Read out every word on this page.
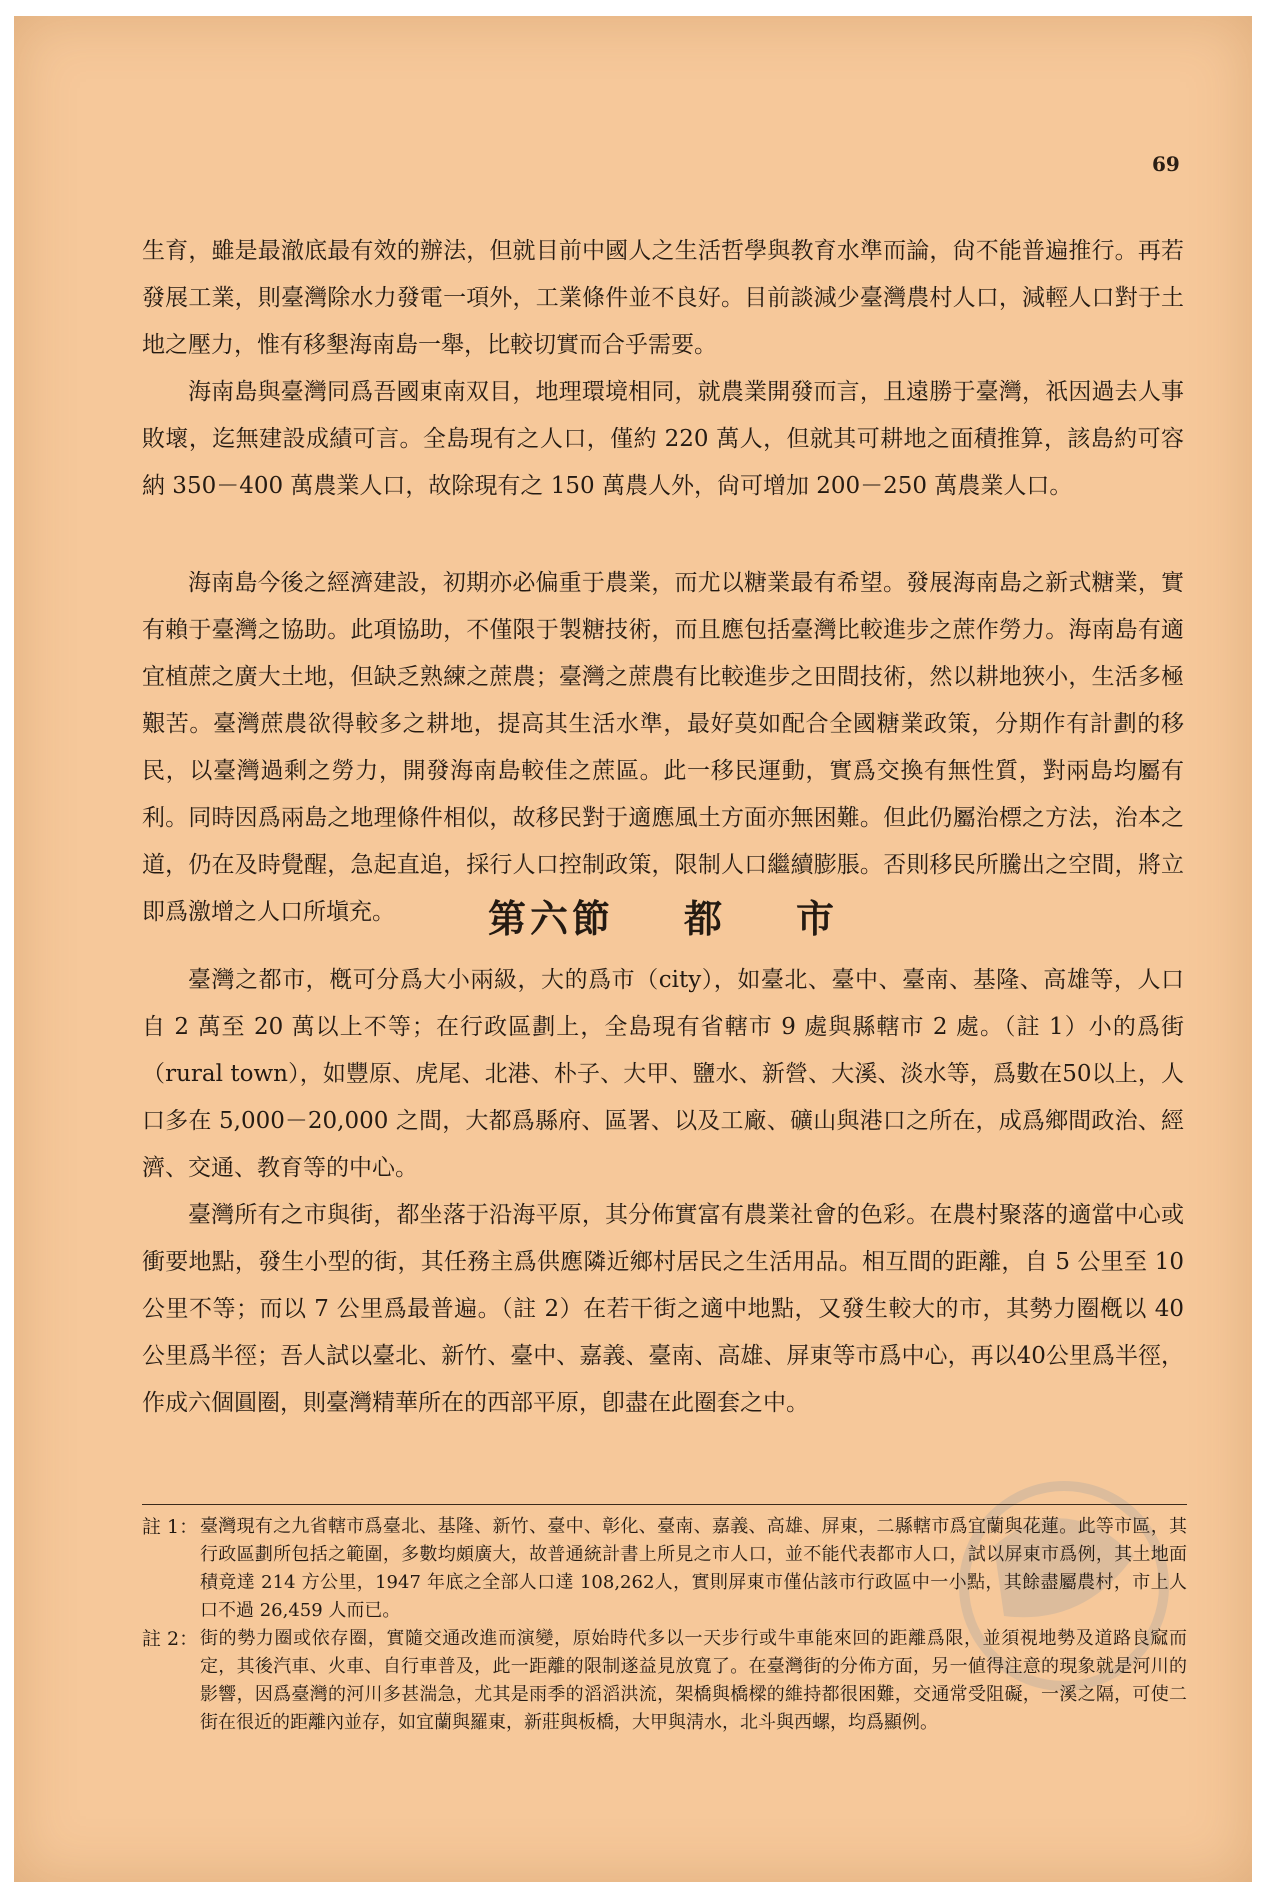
69

生育，雖是最澈底最有效的辦法，但就目前中國人之生活哲學與教育水準而論，尙不能普遍推行。再若發展工業，則臺灣除水力發電一項外，工業條件並不良好。目前談減少臺灣農村人口，減輕人口對于土地之壓力，惟有移墾海南島一舉，比較切實而合乎需要。

海南島與臺灣同爲吾國東南双目，地理環境相同，就農業開發而言，且遠勝于臺灣，祇因過去人事敗壞，迄無建設成績可言。全島現有之人口，僅約 220 萬人，但就其可耕地之面積推算，該島約可容納 350－400 萬農業人口，故除現有之 150 萬農人外，尙可增加 200－250 萬農業人口。

海南島今後之經濟建設，初期亦必偏重于農業，而尤以糖業最有希望。發展海南島之新式糖業，實有賴于臺灣之協助。此項協助，不僅限于製糖技術，而且應包括臺灣比較進步之蔗作勞力。海南島有適宜植蔗之廣大土地，但缺乏熟練之蔗農；臺灣之蔗農有比較進步之田間技術，然以耕地狹小，生活多極艱苦。臺灣蔗農欲得較多之耕地，提高其生活水準，最好莫如配合全國糖業政策，分期作有計劃的移民，以臺灣過剩之勞力，開發海南島較佳之蔗區。此一移民運動，實爲交換有無性質，對兩島均屬有利。同時因爲兩島之地理條件相似，故移民對于適應風土方面亦無困難。但此仍屬治標之方法，治本之道，仍在及時覺醒，急起直追，採行人口控制政策，限制人口繼續膨脹。否則移民所騰出之空間，將立即爲激增之人口所塡充。	第六節 都 市

臺灣之都市，槪可分爲大小兩級，大的爲市（city），如臺北、臺中、臺南、基隆、高雄等，人口自 2 萬至 20 萬以上不等；在行政區劃上，全島現有省轄市 9 處與縣轄市 2 處。（註 1）小的爲街（rural town），如豐原、虎尾、北港、朴子、大甲、鹽水、新營、大溪、淡水等，爲數在50以上，人口多在 5,000－20,000 之間，大都爲縣府、區署、以及工廠、礦山與港口之所在，成爲鄉間政治、經濟、交通、教育等的中心。

臺灣所有之市與街，都坐落于沿海平原，其分佈實富有農業社會的色彩。在農村聚落的適當中心或衝要地點，發生小型的街，其任務主爲供應隣近鄉村居民之生活用品。相互間的距離，自 5 公里至 10 公里不等；而以 7 公里爲最普遍。（註 2）在若干街之適中地點，又發生較大的市，其勢力圈槪以 40 公里爲半徑；吾人試以臺北、新竹、臺中、嘉義、臺南、高雄、屏東等市爲中心，再以40公里爲半徑，作成六個圓圈，則臺灣精華所在的西部平原，卽盡在此圈套之中。

註 1： 臺灣現有之九省轄市爲臺北、基隆、新竹、臺中、彰化、臺南、嘉義、高雄、屏東，二縣轄市爲宜蘭與花蓮。此等市區，其行政區劃所包括之範圍，多數均頗廣大，故普通統計書上所見之市人口，並不能代表都市人口，試以屏東市爲例，其土地面積竟達 214 方公里，1947 年底之全部人口達 108,262人，實則屏東市僅佔該市行政區中一小點，其餘盡屬農村，市上人口不過 26,459 人而已。
註 2： 街的勢力圈或依存圈，實隨交通改進而演變，原始時代多以一天步行或牛車能來回的距離爲限，並須視地勢及道路良窳而定，其後汽車、火車、自行車普及，此一距離的限制遂益見放寬了。在臺灣街的分佈方面，另一値得注意的現象就是河川的影響，因爲臺灣的河川多甚湍急，尤其是雨季的滔滔洪流，架橋與橋樑的維持都很困難，交通常受阻礙，一溪之隔，可使二街在很近的距離內並存，如宜蘭與羅東，新莊與板橋，大甲與淸水，北斗與西螺，均爲顯例。
